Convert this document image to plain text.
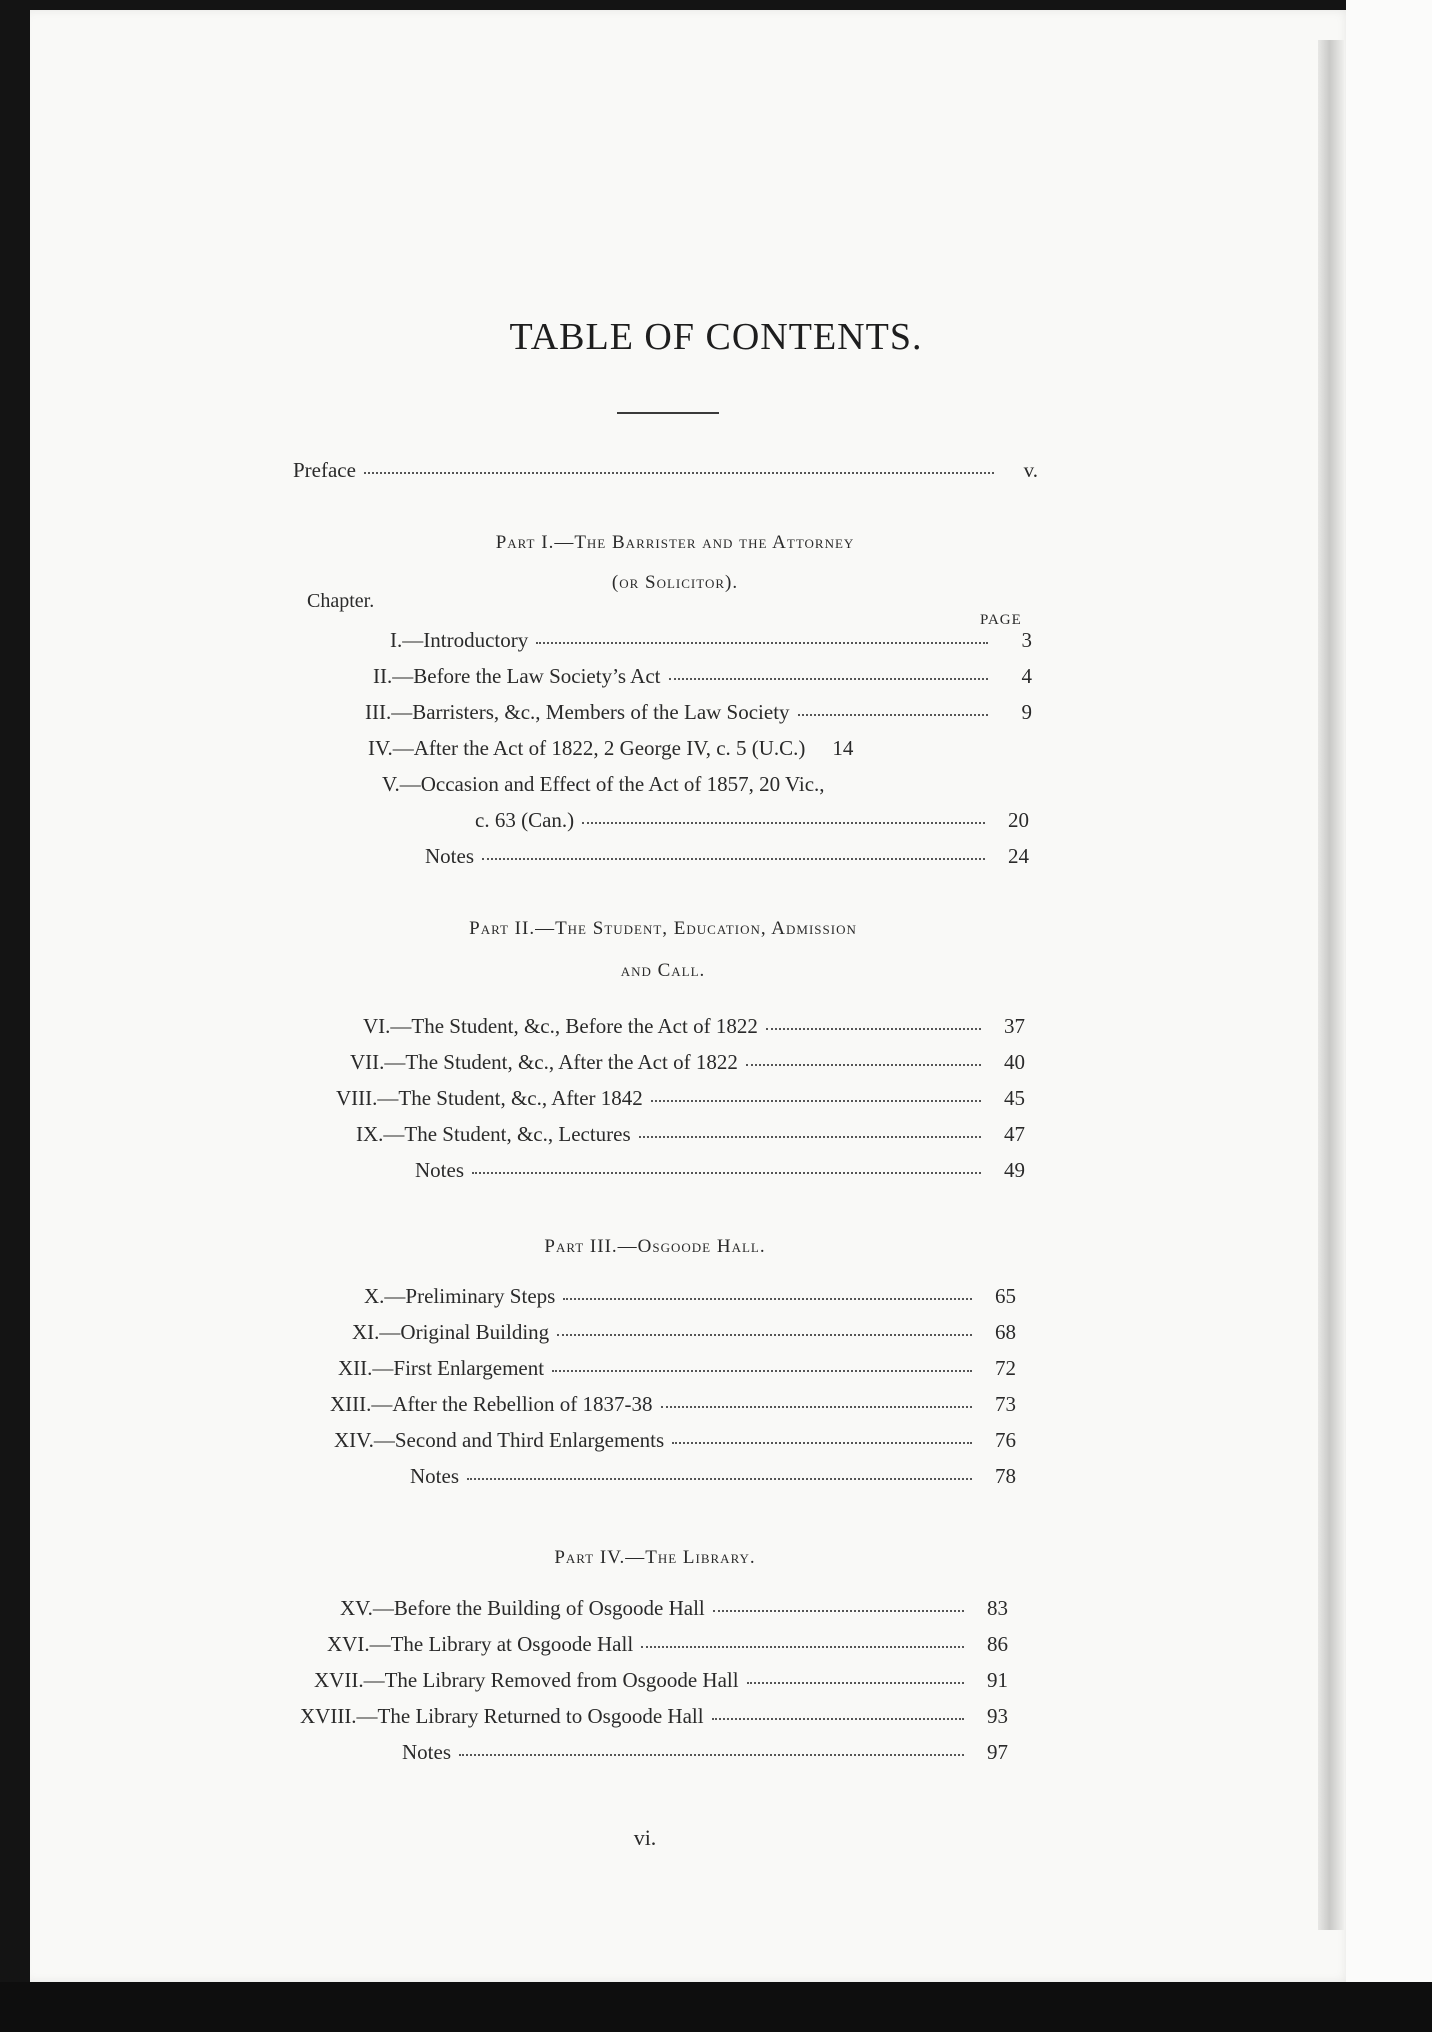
TABLE OF CONTENTS.
Preface	v.
Part I.—The Barrister and the Attorney
(or Solicitor).
Chapter.
PAGE
I.—Introductory	3
II.—Before the Law Society’s Act	4
III.—Barristers, &c., Members of the Law Society	9
IV.—After the Act of 1822, 2 George IV, c. 5 (U.C.)	14
V.—Occasion and Effect of the Act of 1857, 20 Vic.,
c. 63 (Can.)	20
Notes	24
Part II.—The Student, Education, Admission
and Call.
VI.—The Student, &c., Before the Act of 1822	37
VII.—The Student, &c., After the Act of 1822	40
VIII.—The Student, &c., After 1842	45
IX.—The Student, &c., Lectures	47
Notes	49
Part III.—Osgoode Hall.
X.—Preliminary Steps	65
XI.—Original Building	68
XII.—First Enlargement	72
XIII.—After the Rebellion of 1837-38	73
XIV.—Second and Third Enlargements	76
Notes	78
Part IV.—The Library.
XV.—Before the Building of Osgoode Hall	83
XVI.—The Library at Osgoode Hall	86
XVII.—The Library Removed from Osgoode Hall	91
XVIII.—The Library Returned to Osgoode Hall	93
Notes	97
vi.
